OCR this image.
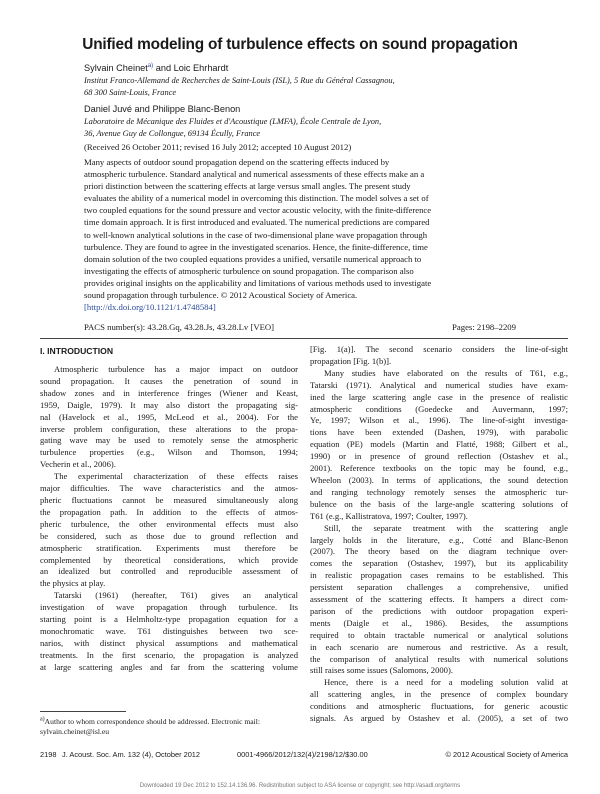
Unified modeling of turbulence effects on sound propagation
Sylvain Cheinet$^{a)}$ and Loic Ehrhardt
Institut Franco-Allemand de Recherches de Saint-Louis (ISL), 5 Rue du Général Cassagnou,
68 300 Saint-Louis, France
Daniel Juvé and Philippe Blanc-Benon
Laboratoire de Mécanique des Fluides et d'Acoustique (LMFA), École Centrale de Lyon,
36, Avenue Guy de Collongue, 69134 Écully, France
(Received 26 October 2011; revised 16 July 2012; accepted 10 August 2012)
Many aspects of outdoor sound propagation depend on the scattering effects induced by
atmospheric turbulence. Standard analytical and numerical assessments of these effects make an a
priori distinction between the scattering effects at large versus small angles. The present study
evaluates the ability of a numerical model in overcoming this distinction. The model solves a set of
two coupled equations for the sound pressure and vector acoustic velocity, with the finite-difference
time domain approach. It is first introduced and evaluated. The numerical predictions are compared
to well-known analytical solutions in the case of two-dimensional plane wave propagation through
turbulence. They are found to agree in the investigated scenarios. Hence, the finite-difference, time
domain solution of the two coupled equations provides a unified, versatile numerical approach to
investigating the effects of atmospheric turbulence on sound propagation. The comparison also
provides original insights on the applicability and limitations of various methods used to investigate
sound propagation through turbulence. © 2012 Acoustical Society of America.
[http://dx.doi.org/10.1121/1.4748584]
PACS number(s): 43.28.Gq, 43.28.Js, 43.28.Lv [VEO]	Pages: 2198–2209
I. INTRODUCTION
Atmospheric turbulence has a major impact on outdoor
sound propagation. It causes the penetration of sound in
shadow zones and in interference fringes (Wiener and Keast,
1959, Daigle, 1979). It may also distort the propagating sig-
nal (Havelock et al., 1995, McLeod et al., 2004). For the
inverse problem configuration, these alterations to the propa-
gating wave may be used to remotely sense the atmospheric
turbulence properties (e.g., Wilson and Thomson, 1994;
Vecherin et al., 2006).
The experimental characterization of these effects raises
major difficulties. The wave characteristics and the atmos-
pheric fluctuations cannot be measured simultaneously along
the propagation path. In addition to the effects of atmos-
pheric turbulence, the other environmental effects must also
be considered, such as those due to ground reflection and
atmospheric stratification. Experiments must therefore be
complemented by theoretical considerations, which provide
an idealized but controlled and reproducible assessment of
the physics at play.
Tatarski (1961) (hereafter, T61) gives an analytical
investigation of wave propagation through turbulence. Its
starting point is a Helmholtz-type propagation equation for a
monochromatic wave. T61 distinguishes between two sce-
narios, with distinct physical assumptions and mathematical
treatments. In the first scenario, the propagation is analyzed
at large scattering angles and far from the scattering volume
[Fig. 1(a)]. The second scenario considers the line-of-sight
propagation [Fig. 1(b)].
Many studies have elaborated on the results of T61, e.g.,
Tatarski (1971). Analytical and numerical studies have exam-
ined the large scattering angle case in the presence of realistic
atmospheric conditions (Goedecke and Auvermann, 1997;
Ye, 1997; Wilson et al., 1996). The line-of-sight investiga-
tions have been extended (Dashen, 1979), with parabolic
equation (PE) models (Martin and Flatté, 1988; Gilbert et al.,
1990) or in presence of ground reflection (Ostashev et al.,
2001). Reference textbooks on the topic may be found, e.g.,
Wheelon (2003). In terms of applications, the sound detection
and ranging technology remotely senses the atmospheric tur-
bulence on the basis of the large-angle scattering solutions of
T61 (e.g., Kallistratova, 1997; Coulter, 1997).
Still, the separate treatment with the scattering angle
largely holds in the literature, e.g., Cotté and Blanc-Benon
(2007). The theory based on the diagram technique over-
comes the separation (Ostashev, 1997), but its applicability
in realistic propagation cases remains to be established. This
persistent separation challenges a comprehensive, unified
assessment of the scattering effects. It hampers a direct com-
parison of the predictions with outdoor propagation experi-
ments (Daigle et al., 1986). Besides, the assumptions
required to obtain tractable numerical or analytical solutions
in each scenario are numerous and restrictive. As a result,
the comparison of analytical results with numerical solutions
still raises some issues (Salomons, 2000).
Hence, there is a need for a modeling solution valid at
all scattering angles, in the presence of complex boundary
conditions and atmospheric fluctuations, for generic acoustic
signals. As argued by Ostashev et al. (2005), a set of two
$^{a)}$Author to whom correspondence should be addressed. Electronic mail:
sylvain.cheinet@isl.eu
2198 J. Acoust. Soc. Am. 132 (4), October 2012	0001-4966/2012/132(4)/2198/12/$30.00	© 2012 Acoustical Society of America
Downloaded 19 Dec 2012 to 152.14.136.96. Redistribution subject to ASA license or copyright; see http://asadl.org/terms
